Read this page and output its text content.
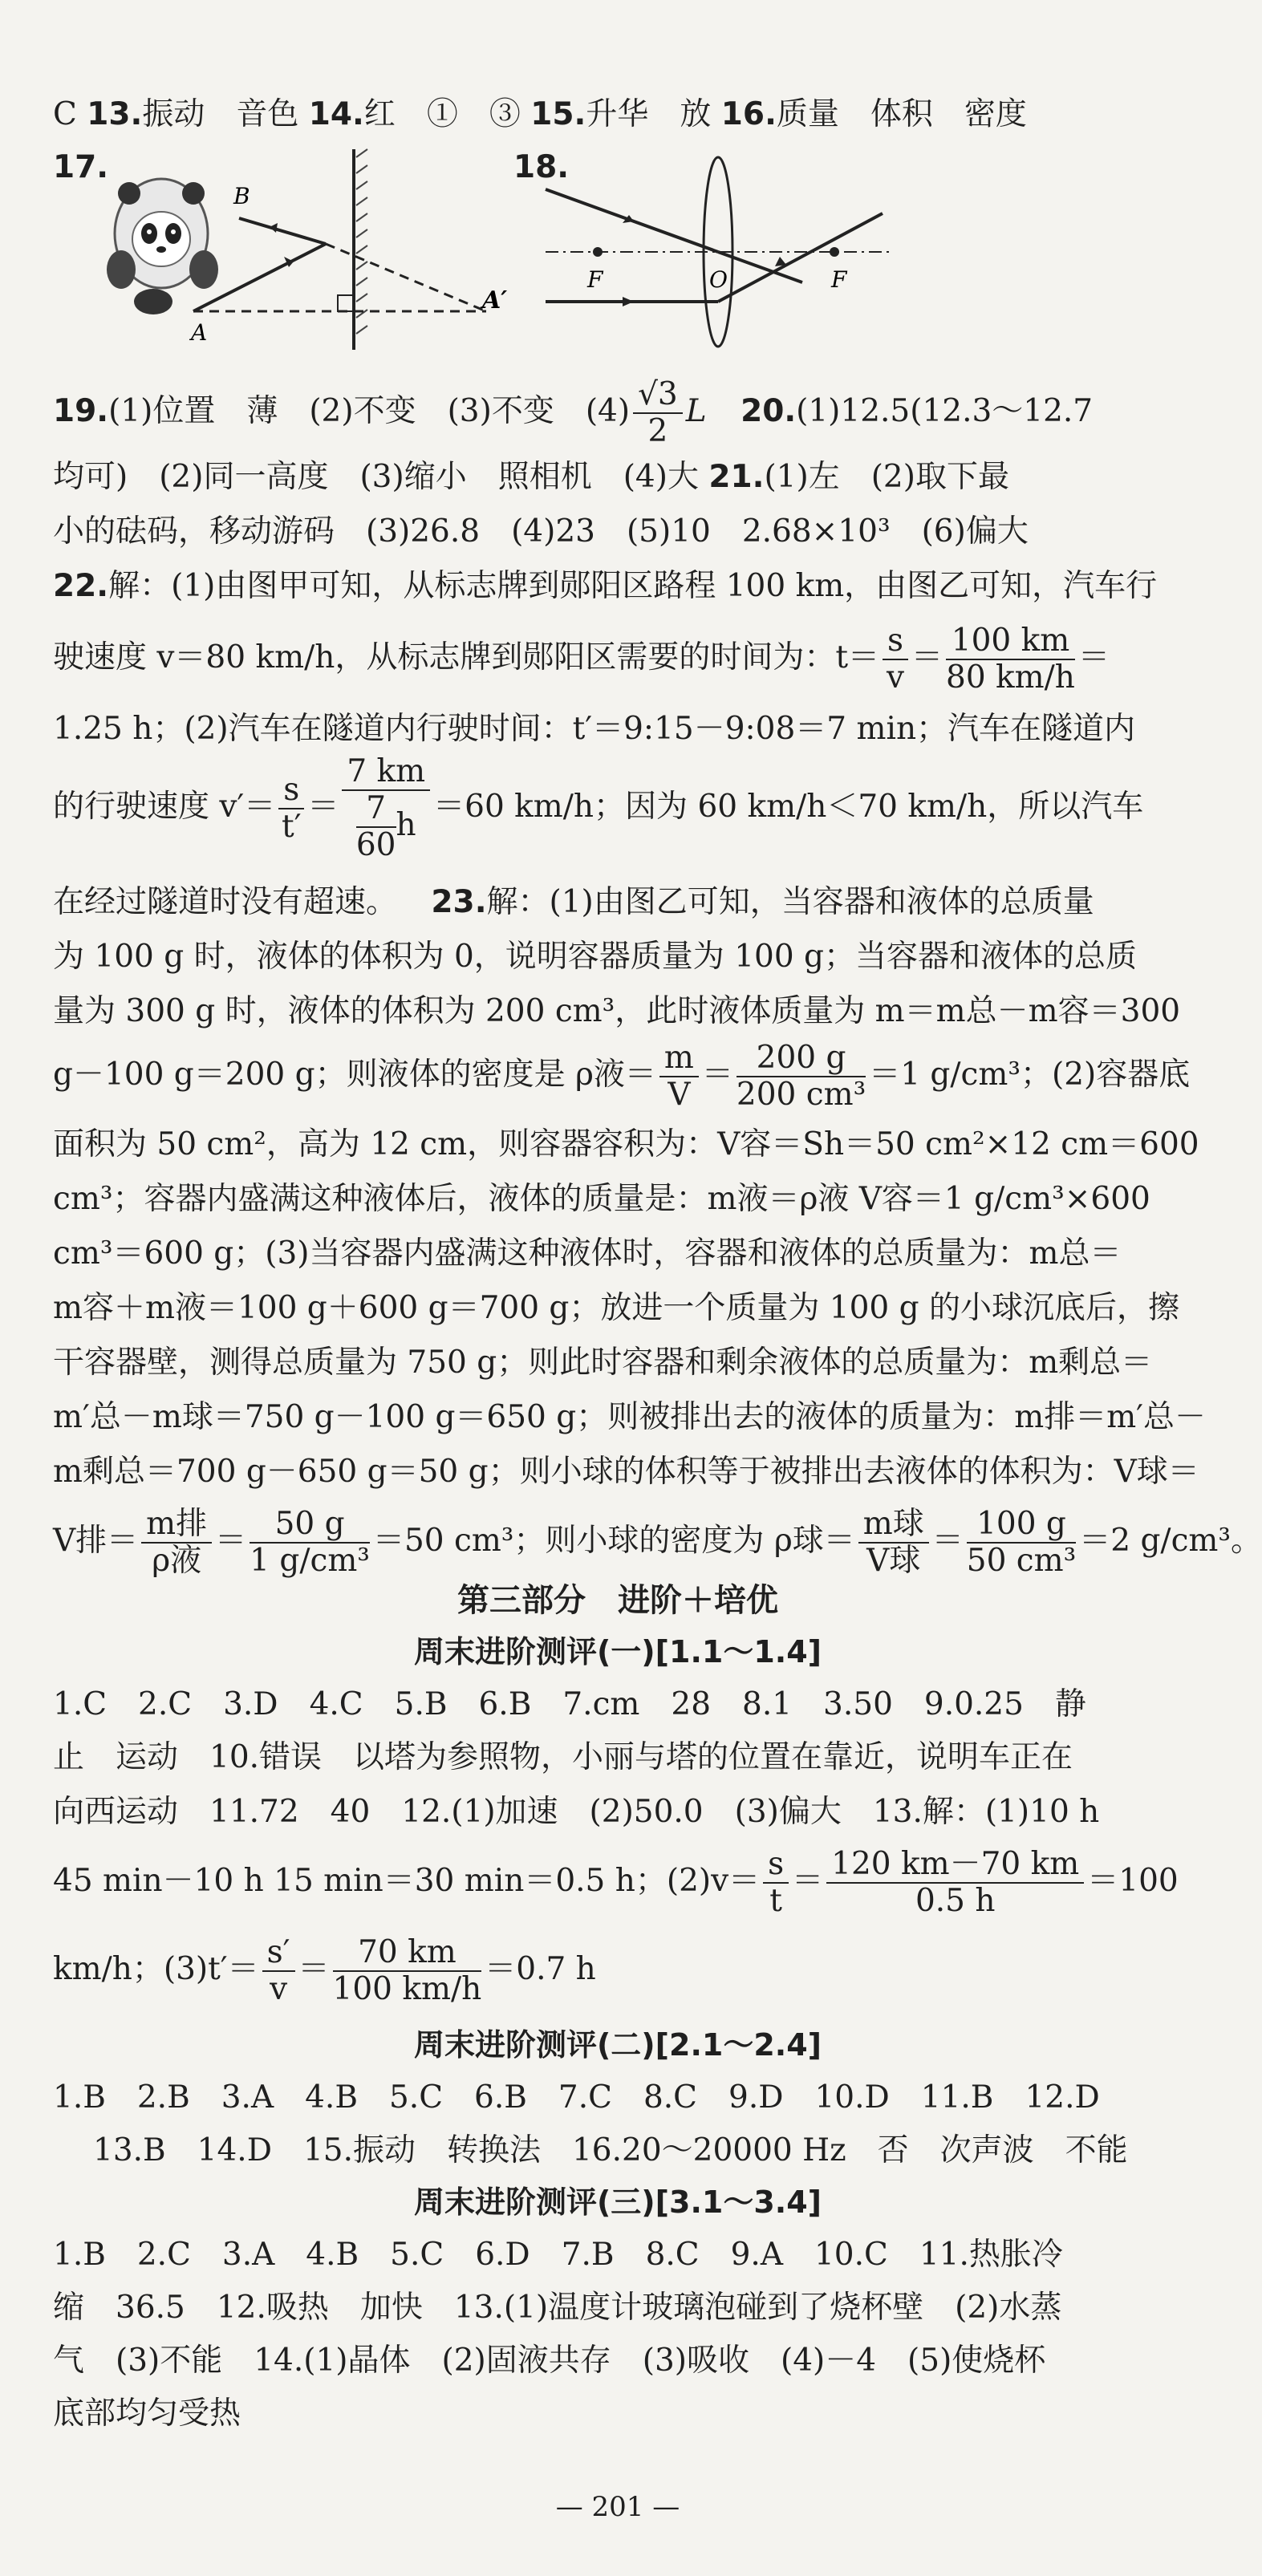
C 13.振动　音色 14.红　①　③ 15.升华　放 16.质量　体积　密度
17.
B
A
A′
18.
F	O	F
19.(1)位置　薄　(2)不变　(3)不变　$(4) \frac{√3}{2}$ L 20.(1)12.5(12.3～12.7
均可)　(2)同一高度　(3)缩小　照相机　(4)大 21.(1)左　(2)取下最
小的砝码，移动游码　(3)26.8　(4)23　(5)10　2.68×10³　(6)偏大
22.解：(1)由图甲可知，从标志牌到郧阳区路程 100 km，由图乙可知，汽车行
驶速度 v＝80 km/h，从标志牌到郧阳区需要的时间为：$t= \frac{s}{v} = \frac{100 km}{80 km/h}$ ＝
1.25 h；(2)汽车在隧道内行驶时间：t′＝9:15－9:08＝7 min；汽车在隧道内
的行驶速度 $v'= \frac{s}{t'} = \frac{7 km}{\frac{7}{60} h} =60$ km/h；因为 60 km/h＜70 km/h，所以汽车
在经过隧道时没有超速。 23.解：(1)由图乙可知，当容器和液体的总质量
为 100 g 时，液体的体积为 0，说明容器质量为 100 g；当容器和液体的总质
量为 300 g 时，液体的体积为 200 cm³，此时液体质量为 m＝m总－m容＝300
g－100 g＝200 g；则液体的密度是 ρ液＝ $\frac{m}{V} = \frac{200 g}{\text{200 cm³}} =1$ g/cm³；(2)容器底
面积为 50 cm²，高为 12 cm，则容器容积为：V容＝Sh＝50 cm²×12 cm＝600
cm³；容器内盛满这种液体后，液体的质量是：m液＝ρ液 V容＝1 g/cm³×600
cm³＝600 g；(3)当容器内盛满这种液体时，容器和液体的总质量为：m总＝
m容＋m液＝100 g＋600 g＝700 g；放进一个质量为 100 g 的小球沉底后，擦
干容器壁，测得总质量为 750 g；则此时容器和剩余液体的总质量为：m剩总＝
m′总－m球＝750 g－100 g＝650 g；则被排出去的液体的质量为：m排＝m′总－
m剩总＝700 g－650 g＝50 g；则小球的体积等于被排出去液体的体积为：V球＝
V排＝ $\frac{\text{m排}}{\text{ρ液}} = \frac{50 g}{\text{1 g/cm³}} =50$ cm³；则小球的密度为 ρ球＝ $\frac{\text{m球}}{\text{V球}} = \frac{100 g}{\text{50 cm³}} =2$ g/cm³。
第三部分　进阶＋培优
周末进阶测评(一)[1.1～1.4]
1.C　2.C　3.D　4.C　5.B　6.B　7.cm　28　8.1　3.50　9.0.25　静
止　运动　10.错误　以塔为参照物，小丽与塔的位置在靠近，说明车正在
向西运动　11.72　40　12.(1)加速　(2)50.0　(3)偏大　13.解：(1)10 h
45 min－10 h 15 min＝30 min＝0.5 h；$(2)v= \frac{s}{t} = \frac{120 km-70 km}{0.5 h} =100$
km/h；$(3)t'= \frac{s'}{v} = \frac{70 km}{100 km/h} =0.7$ h
周末进阶测评(二)[2.1～2.4]
1.B　2.B　3.A　4.B　5.C　6.B　7.C　8.C　9.D　10.D　11.B　12.D
13.B　14.D　15.振动　转换法　16.20～20000 Hz　否　次声波　不能
周末进阶测评(三)[3.1～3.4]
1.B　2.C　3.A　4.B　5.C　6.D　7.B　8.C　9.A　10.C　11.热胀冷
缩　36.5　12.吸热　加快　13.(1)温度计玻璃泡碰到了烧杯壁　(2)水蒸
气　(3)不能　14.(1)晶体　(2)固液共存　(3)吸收　(4)－4　(5)使烧杯
底部均匀受热
— 201 —
